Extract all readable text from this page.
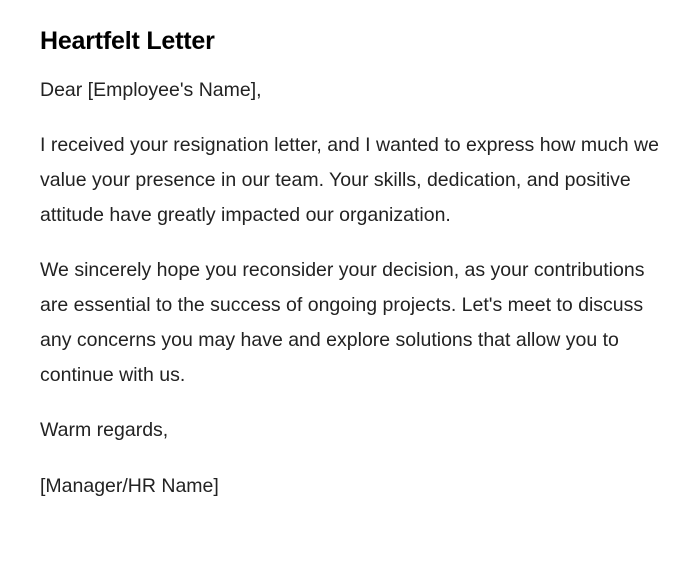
Heartfelt Letter

Dear [Employee's Name],

I received your resignation letter, and I wanted to express how much we value your presence in our team. Your skills, dedication, and positive attitude have greatly impacted our organization.

We sincerely hope you reconsider your decision, as your contributions are essential to the success of ongoing projects. Let's meet to discuss any concerns you may have and explore solutions that allow you to continue with us.

Warm regards,

[Manager/HR Name]
